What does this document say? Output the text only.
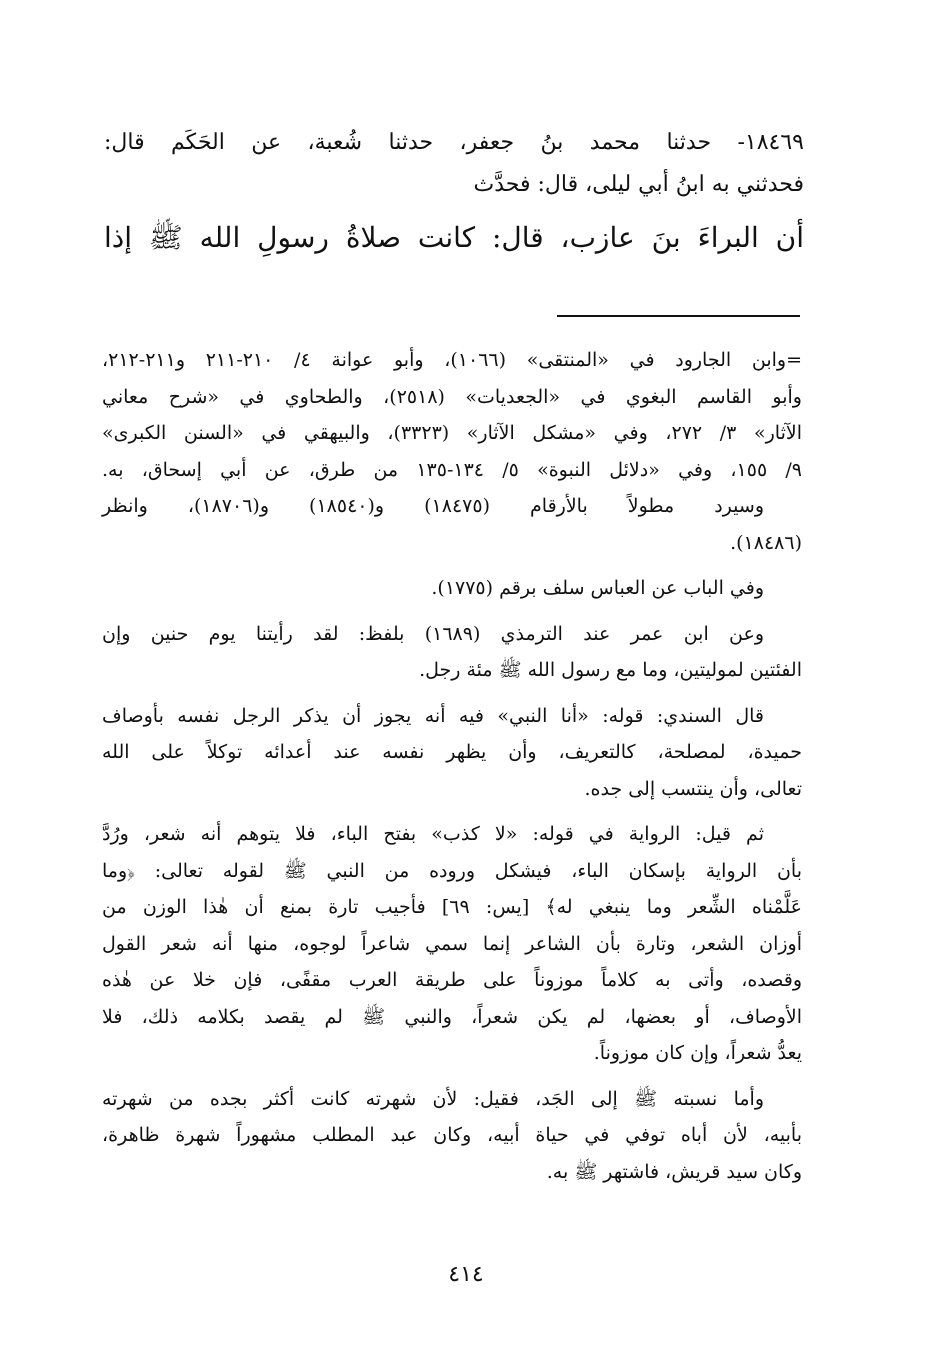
١٨٤٦٩- حدثنا محمد بنُ جعفر، حدثنا شُعبة، عن الحَكَم قال:
فحدثني به ابنُ أبي ليلى، قال: فحدَّث
أن البراءَ بنَ عازب، قال: كانت صلاةُ رسولِ الله ﷺ إذا
=وابن الجارود في «المنتقى» (١٠٦٦)، وأبو عوانة ٤/ ٢١٠-٢١١ و٢١١-٢١٢،
وأبو القاسم البغوي في «الجعديات» (٢٥١٨)، والطحاوي في «شرح معاني
الآثار» ٣/ ٢٧٢، وفي «مشكل الآثار» (٣٣٢٣)، والبيهقي في «السنن الكبرى»
٩/ ١٥٥، وفي «دلائل النبوة» ٥/ ١٣٤-١٣٥ من طرق، عن أبي إسحاق، به.
وسيرد مطولاً بالأرقام (١٨٤٧٥) و(١٨٥٤٠) و(١٨٧٠٦)، وانظر
(١٨٤٨٦).
وفي الباب عن العباس سلف برقم (١٧٧٥).
وعن ابن عمر عند الترمذي (١٦٨٩) بلفظ: لقد رأيتنا يوم حنين وإن
الفئتين لموليتين، وما مع رسول الله ﷺ مئة رجل.
قال السندي: قوله: «أنا النبي» فيه أنه يجوز أن يذكر الرجل نفسه بأوصاف
حميدة، لمصلحة، كالتعريف، وأن يظهر نفسه عند أعدائه توكلاً على الله
تعالى، وأن ينتسب إلى جده.
ثم قيل: الرواية في قوله: «لا كذب» بفتح الباء، فلا يتوهم أنه شعر، ورُدَّ
بأن الرواية بإسكان الباء، فيشكل وروده من النبي ﷺ لقوله تعالى: ﴿وما
عَلَّمْناه الشِّعر وما ينبغي له﴾ [يس: ٦٩] فأجيب تارة بمنع أن هٰذا الوزن من
أوزان الشعر، وتارة بأن الشاعر إنما سمي شاعراً لوجوه، منها أنه شعر القول
وقصده، وأتى به كلاماً موزوناً على طريقة العرب مقفًى، فإن خلا عن هٰذه
الأوصاف، أو بعضها، لم يكن شعراً، والنبي ﷺ لم يقصد بكلامه ذلك، فلا
يعدُّ شعراً، وإن كان موزوناً.
وأما نسبته ﷺ إلى الجَد، فقيل: لأن شهرته كانت أكثر بجده من شهرته
بأبيه، لأن أباه توفي في حياة أبيه، وكان عبد المطلب مشهوراً شهرة ظاهرة،
وكان سيد قريش، فاشتهر ﷺ به.
٤١٤
